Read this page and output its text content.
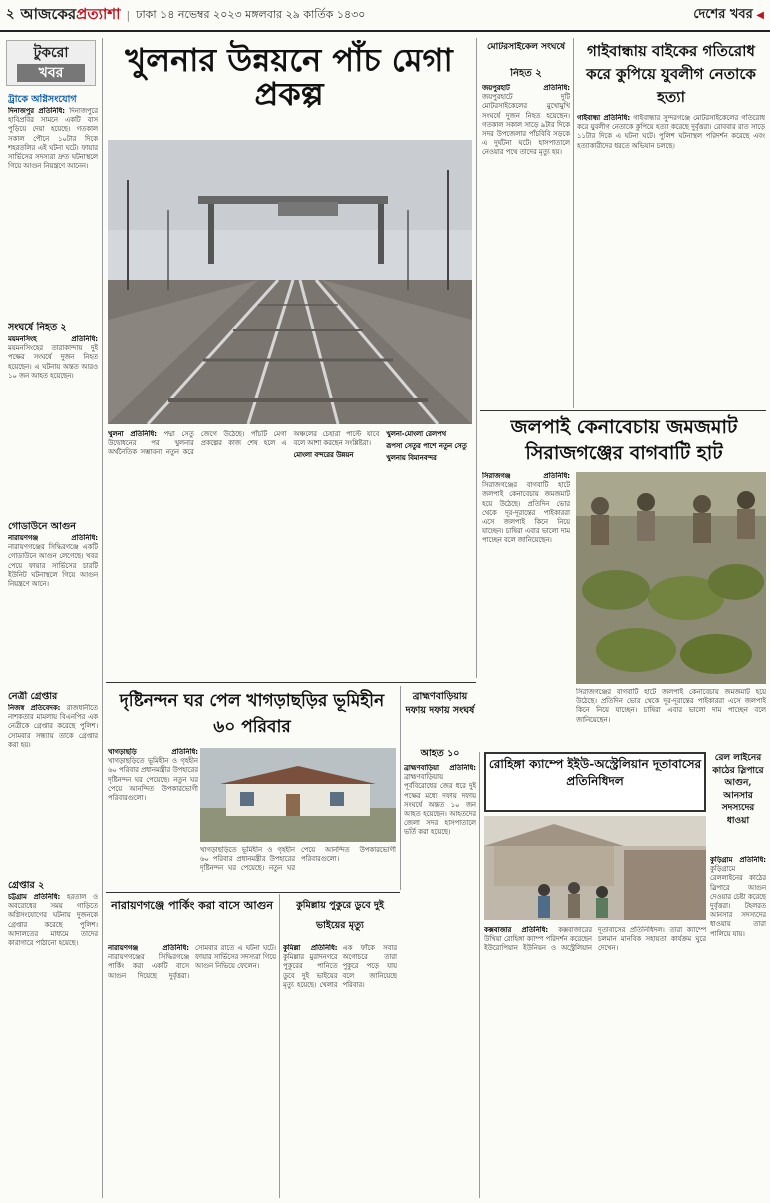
২ আজকেরপ্রত্যাশা | ঢাকা ১৪ নভেম্বর ২০২৩ মঙ্গলবার ২৯ কার্তিক ১৪৩০	দেশের খবর ◀
টুকরো
খবর
ট্রাকে অগ্নিসংযোগ
দিনাজপুর প্রতিনিধি: দিনাজপুরে হাবিপ্রবির সামনে একটি বাস পুড়িয়ে দেয়া হয়েছে। গতকাল সকাল পৌনে ১০টার দিকে শহরতলির এই ঘটনা ঘটে। ফায়ার সার্ভিসের সদস্যরা দ্রুত ঘটনাস্থলে গিয়ে আগুন নিয়ন্ত্রণে আনেন।
সংঘর্ষে নিহত ২
ময়মনসিংহ প্রতিনিধি: ময়মনসিংহের তারাকান্দায় দুই পক্ষের সংঘর্ষে দুজন নিহত হয়েছেন। এ ঘটনায় অন্তত আরও ১০ জন আহত হয়েছেন।
গোডাউনে আগুন
নারায়ণগঞ্জ প্রতিনিধি: নারায়ণগঞ্জের সিদ্ধিরগঞ্জে একটি গোডাউনে আগুন লেগেছে। খবর পেয়ে ফায়ার সার্ভিসের চারটি ইউনিট ঘটনাস্থলে গিয়ে আগুন নিয়ন্ত্রণে আনে।
নেত্রী গ্রেপ্তার
নিজস্ব প্রতিবেদক: রাজধানীতে নাশকতার মামলায় বিএনপির এক নেত্রীকে গ্রেপ্তার করেছে পুলিশ। সোমবার সন্ধ্যায় তাকে গ্রেপ্তার করা হয়।
গ্রেপ্তার ২
চট্টগ্রাম প্রতিনিধি: হরতাল ও অবরোধের সময় গাড়িতে অগ্নিসংযোগের ঘটনায় দুজনকে গ্রেপ্তার করেছে পুলিশ। আদালতের মাধ্যমে তাদের কারাগারে পাঠানো হয়েছে।
খুলনার উন্নয়নে পাঁচ মেগা প্রকল্প
খুলনা প্রতিনিধি: পদ্মা সেতু উদ্বোধনের পর খুলনার অর্থনৈতিক সম্ভাবনা নতুন করে জেগে উঠেছে। পাঁচটি মেগা প্রকল্পের কাজ শেষ হলে এ অঞ্চলের চেহারা পাল্টে যাবে বলে আশা করছেন সংশ্লিষ্টরা।
মোংলা বন্দরের উন্নয়ন
খুলনা-মোংলা রেলপথ
রূপসা সেতুর পাশে নতুন সেতু
খুলনায় বিমানবন্দর
মোটরসাইকেল সংঘর্ষে
নিহত ২
জয়পুরহাট প্রতিনিধি: জয়পুরহাটে দুটি মোটরসাইকেলের মুখোমুখি সংঘর্ষে দুজন নিহত হয়েছেন। গতকাল সকাল সাড়ে ৯টার দিকে সদর উপজেলার পাঁচবিবি সড়কে এ দুর্ঘটনা ঘটে। হাসপাতালে নেওয়ার পথে তাদের মৃত্যু হয়।
গাইবান্ধায় বাইকের গতিরোধ করে কুপিয়ে যুবলীগ নেতাকে হত্যা
গাইবান্ধা প্রতিনিধি: গাইবান্ধার সুন্দরগঞ্জে মোটরসাইকেলের গতিরোধ করে যুবলীগ নেতাকে কুপিয়ে হত্যা করেছে দুর্বৃত্তরা। রোববার রাত সাড়ে ১১টার দিকে এ ঘটনা ঘটে। পুলিশ ঘটনাস্থল পরিদর্শন করেছে এবং হত্যাকারীদের ধরতে অভিযান চলছে।
জলপাই কেনাবেচায় জমজমাট সিরাজগঞ্জের বাগবাটি হাট
সিরাজগঞ্জ প্রতিনিধি: সিরাজগঞ্জের বাগবাটি হাটে জলপাই কেনাবেচায় জমজমাট হয়ে উঠেছে। প্রতিদিন ভোর থেকে দূর-দূরান্তের পাইকাররা এসে জলপাই কিনে নিয়ে যাচ্ছেন। চাষিরা এবার ভালো দাম পাচ্ছেন বলে জানিয়েছেন।
সিরাজগঞ্জের বাগবাটি হাটে জলপাই কেনাবেচায় জমজমাট হয়ে উঠেছে। প্রতিদিন ভোর থেকে দূর-দূরান্তের পাইকাররা এসে জলপাই কিনে নিয়ে যাচ্ছেন। চাষিরা এবার ভালো দাম পাচ্ছেন বলে জানিয়েছেন।
দৃষ্টিনন্দন ঘর পেল খাগড়াছড়ির ভূমিহীন ৬০ পরিবার
খাগড়াছড়ি প্রতিনিধি: খাগড়াছড়িতে ভূমিহীন ও গৃহহীন ৬০ পরিবার প্রধানমন্ত্রীর উপহারের দৃষ্টিনন্দন ঘর পেয়েছে। নতুন ঘর পেয়ে আনন্দিত উপকারভোগী পরিবারগুলো।
খাগড়াছড়িতে ভূমিহীন ও গৃহহীন ৬০ পরিবার প্রধানমন্ত্রীর উপহারের দৃষ্টিনন্দন ঘর পেয়েছে। নতুন ঘর পেয়ে আনন্দিত উপকারভোগী পরিবারগুলো।
ব্রাহ্মণবাড়িয়ায় দফায় দফায় সংঘর্ষ
আহত ১০
ব্রাহ্মণবাড়িয়া প্রতিনিধি: ব্রাহ্মণবাড়িয়ায় পূর্ববিরোধের জের ধরে দুই পক্ষের মধ্যে দফায় দফায় সংঘর্ষে অন্তত ১০ জন আহত হয়েছেন। আহতদের জেলা সদর হাসপাতালে ভর্তি করা হয়েছে।
রোহিঙ্গা ক্যাম্পে ইইউ-অস্ট্রেলিয়ান দূতাবাসের প্রতিনিধিদল
রেল লাইনের কাঠের স্লিপারে আগুন, আনসার সদস্যদের ধাওয়া
কুড়িগ্রাম প্রতিনিধি: কুড়িগ্রামে রেললাইনের কাঠের স্লিপারে আগুন দেওয়ার চেষ্টা করেছে দুর্বৃত্তরা। টহলরত আনসার সদস্যদের ধাওয়ায় তারা পালিয়ে যায়।
কক্সবাজার প্রতিনিধি: কক্সবাজারের উখিয়া রোহিঙ্গা ক্যাম্প পরিদর্শন করেছেন ইউরোপিয়ান ইউনিয়ন ও অস্ট্রেলিয়ান দূতাবাসের প্রতিনিধিদল। তারা ক্যাম্পে চলমান মানবিক সহায়তা কার্যক্রম ঘুরে দেখেন।
নারায়ণগঞ্জে পার্কিং করা বাসে আগুন
নারায়ণগঞ্জ প্রতিনিধি: নারায়ণগঞ্জের সিদ্ধিরগঞ্জে পার্কিং করা একটি বাসে আগুন দিয়েছে দুর্বৃত্তরা। সোমবার রাতে এ ঘটনা ঘটে। ফায়ার সার্ভিসের সদস্যরা গিয়ে আগুন নিভিয়ে ফেলেন।
কুমিল্লায় পুকুরে ডুবে দুই ভাইয়ের মৃত্যু
কুমিল্লা প্রতিনিধি: কুমিল্লার মুরাদনগরে পুকুরের পানিতে ডুবে দুই ভাইয়ের মৃত্যু হয়েছে। খেলার এক ফাঁকে সবার অগোচরে তারা পুকুরে পড়ে যায় বলে জানিয়েছে পরিবার।
